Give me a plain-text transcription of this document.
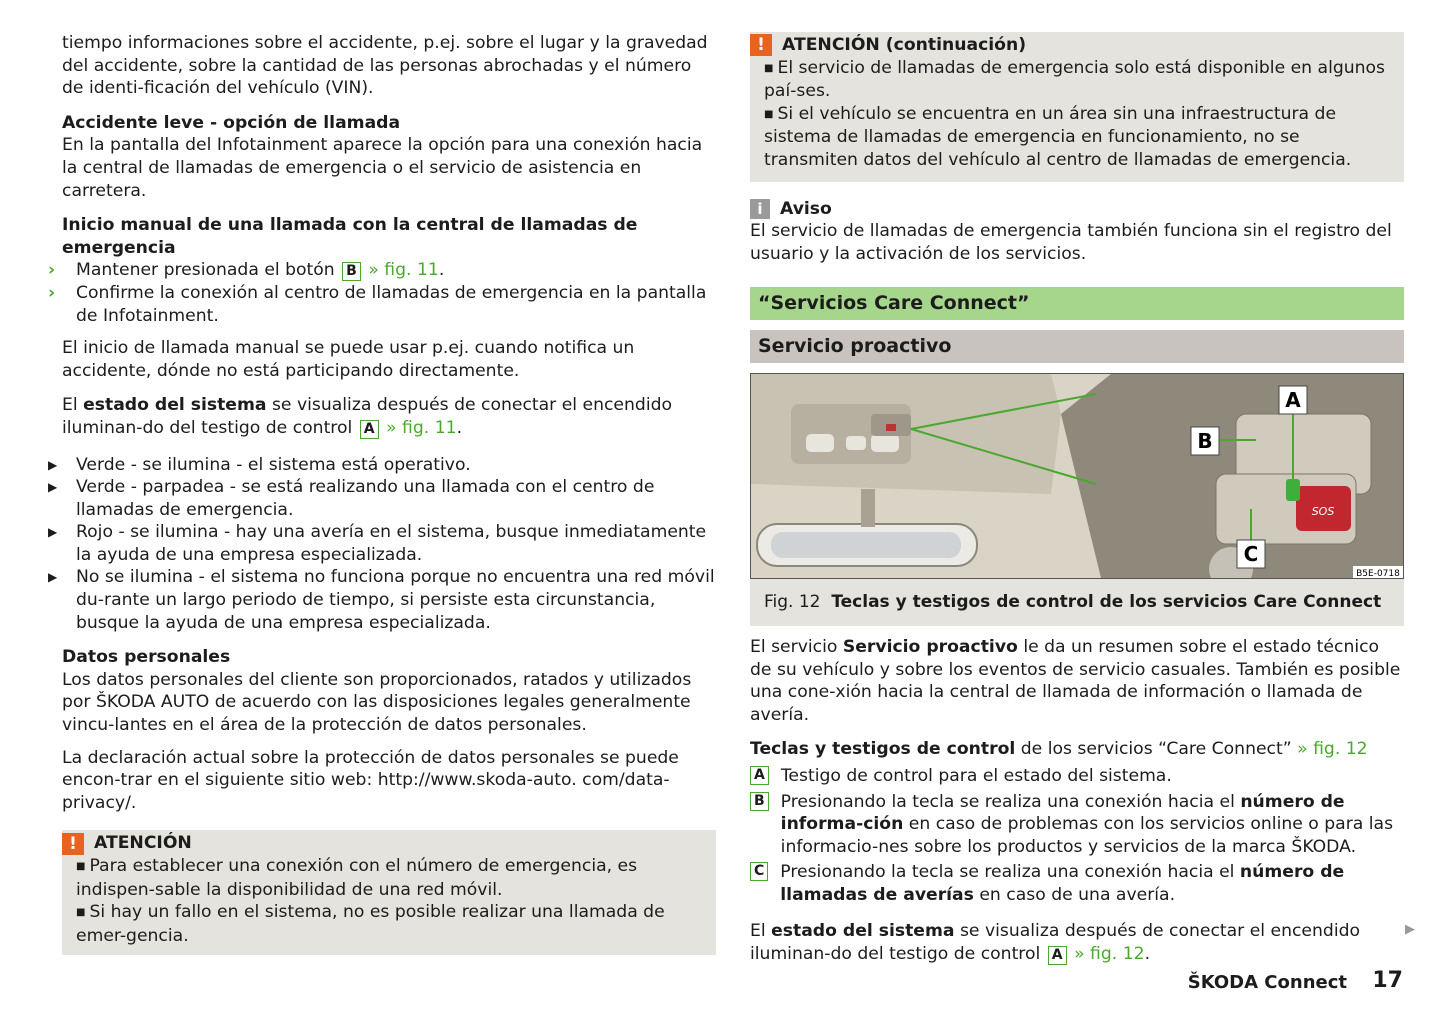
tiempo informaciones sobre el accidente, p.ej. sobre el lugar y la gravedad del accidente, sobre la cantidad de las personas abrochadas y el número de identi-ficación del vehículo (VIN).

Accidente leve - opción de llamada

En la pantalla del Infotainment aparece la opción para una conexión hacia la central de llamadas de emergencia o el servicio de asistencia en carretera.

Inicio manual de una llamada con la central de llamadas de emergencia

› Mantener presionada el botón B » fig. 11.

› Confirme la conexión al centro de llamadas de emergencia en la pantalla de Infotainment.

El inicio de llamada manual se puede usar p.ej. cuando notifica un accidente, dónde no está participando directamente.

El estado del sistema se visualiza después de conectar el encendido iluminan-do del testigo de control A » fig. 11.

▶ Verde - se ilumina - el sistema está operativo.

▶ Verde - parpadea - se está realizando una llamada con el centro de llamadas de emergencia.

▶ Rojo - se ilumina - hay una avería en el sistema, busque inmediatamente la ayuda de una empresa especializada.

▶ No se ilumina - el sistema no funciona porque no encuentra una red móvil du-rante un largo periodo de tiempo, si persiste esta circunstancia, busque la ayuda de una empresa especializada.

Datos personales

Los datos personales del cliente son proporcionados, ratados y utilizados por ŠKODA AUTO de acuerdo con las disposiciones legales generalmente vincu-lantes en el área de la protección de datos personales.

La declaración actual sobre la protección de datos personales se puede encon-trar en el siguiente sitio web: http://www.skoda-auto. com/data-privacy/.

! ATENCIÓN
■ Para establecer una conexión con el número de emergencia, es indispen-sable la disponibilidad de una red móvil.
■ Si hay un fallo en el sistema, no es posible realizar una llamada de emer-gencia.
! ATENCIÓN (continuación)
■ El servicio de llamadas de emergencia solo está disponible en algunos paí-ses.
■ Si el vehículo se encuentra en un área sin una infraestructura de sistema de llamadas de emergencia en funcionamiento, no se transmiten datos del vehículo al centro de llamadas de emergencia.
i	Aviso

El servicio de llamadas de emergencia también funciona sin el registro del usuario y la activación de los servicios.

“Servicios Care Connect”
Servicio proactivo
SOS
A
B
C
B5E-0718
Fig. 12 Teclas y testigos de control de los servicios Care Connect

El servicio Servicio proactivo le da un resumen sobre el estado técnico de su vehículo y sobre los eventos de servicio casuales. También es posible una cone-xión hacia la central de llamada de información o llamada de avería.

Teclas y testigos de control de los servicios “Care Connect” » fig. 12

A Testigo de control para el estado del sistema.
B Presionando la tecla se realiza una conexión hacia el número de informa-ción en caso de problemas con los servicios online o para las informacio-nes sobre los productos y servicios de la marca ŠKODA.
C Presionando la tecla se realiza una conexión hacia el número de llamadas de averías en caso de una avería.

El estado del sistema se visualiza después de conectar el encendido iluminan-do del testigo de control A » fig. 12.

▶
ŠKODA Connect 17
